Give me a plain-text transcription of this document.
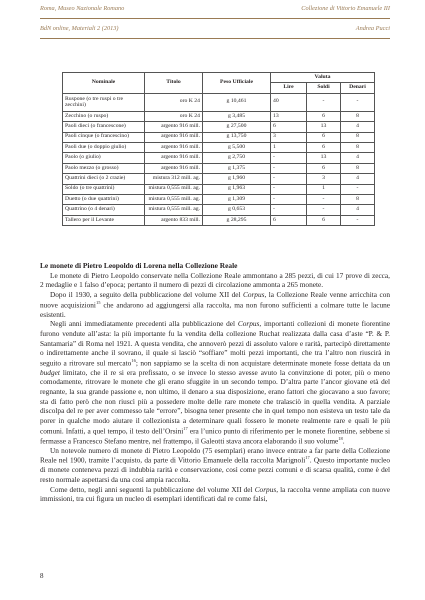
Roma, Museo Nazionale Romano	Collezione di Vittorio Emanuele III
BdN online, Materiali 2 (2013)	Andrea Pucci
Nominale	Titolo	Peso Ufficiale	Valuta		
			Lire	Soldi	Denari
Ruspone (o tre ruspi o tre zecchini)	oro K 24	g 10,461	40	-	-
Zecchino (o ruspo)	oro K 24	g 3,485	13	6	8
Paoli dieci (o francescone)	argento 916 mill.	g 27,500	6	13	4
Paoli cinque (o francescino)	argento 916 mill.	g 13,750	3	6	8
Paoli due (o doppio giulio)	argento 916 mill.	g 5,500	1	6	8
Paolo (o giulio)	argento 916 mill.	g 2,750	-	13	4
Paolo mezzo (o grosso)	argento 916 mill.	g 1,375	-	6	8
Quattrini dieci (o 2 crazie)	mistura 312 mill. ag.	g 1,960	-	3	4
Soldo (o tre quattrini)	mistura 0,555 mill. ag.	g 1,963	-	1	-
Duetto (o due quattrini)	mistura 0,555 mill. ag.	g 1,309	-	-	8
Quattrino (o 4 denari)	mistura 0,555 mill. ag.	g 0,653	-	-	4
Tallero per il Levante	argento 833 mill.	g 28,295	6	6	-
Le monete di Pietro Leopoldo di Lorena nella Collezione Reale

Le monete di Pietro Leopoldo conservate nella Collezione Reale ammontano a 285 pezzi, di cui 17 prove di zecca, 2 medaglie e 1 falso d’epoca; pertanto il numero di pezzi di circolazione ammonta a 265 monete.

Dopo il 1930, a seguito della pubblicazione del volume XII del Corpus, la Collezione Reale venne arricchita con nuove acquisizioni$^{15}$ che andarono ad aggiungersi alla raccolta, ma non furono sufficienti a colmare tutte le lacune esistenti.

Negli anni immediatamente precedenti alla pubblicazione del Corpus, importanti collezioni di monete fiorentine furono vendute all’asta: la più importante fu la vendita della collezione Ruchat realizzata dalla casa d’aste “P. & P. Santamaria” di Roma nel 1921. A questa vendita, che annoverò pezzi di assoluto valore e rarità, partecipò direttamente o indirettamente anche il sovrano, il quale si lasciò “soffiare” molti pezzi importanti, che tra l’altro non riuscirà in seguito a ritrovare sul mercato$^{16}$; non sappiamo se la scelta di non acquistare determinate monete fosse dettata da un budget limitato, che il re si era prefissato, o se invece lo stesso avesse avuto la convinzione di poter, più o meno comodamente, ritrovare le monete che gli erano sfuggite in un secondo tempo. D’altra parte l’ancor giovane età del regnante, la sua grande passione e, non ultimo, il denaro a sua disposizione, erano fattori che giocavano a suo favore; sta di fatto però che non riuscì più a possedere molte delle rare monete che tralasciò in quella vendita. A parziale discolpa del re per aver commesso tale “errore”, bisogna tener presente che in quel tempo non esisteva un testo tale da porer in qualche modo aiutare il collezionista a determinare quali fossero le monete realmente rare e quali le più comuni. Infatti, a quel tempo, il testo dell’Orsini$^{17}$ era l’unico punto di riferimento per le monete fiorentine, sebbene si fermasse a Francesco Stefano mentre, nel frattempo, il Galeotti stava ancora elaborando il suo volume$^{18}$.

Un notevole numero di monete di Pietro Leopoldo (75 esemplari) erano invece entrate a far parte della Collezione Reale nel 1900, tramite l’acquisto, da parte di Vittorio Emanuele della raccolta Marignoli$^{17}$. Questo importante nucleo di monete conteneva pezzi di indubbia rarità e conservazione, così come pezzi comuni e di scarsa qualità, come è del resto normale aspettarsi da una così ampia raccolta.

Come detto, negli anni seguenti la pubblicazione del volume XII del Corpus, la raccolta venne ampliata con nuove immissioni, tra cui figura un nucleo di esemplari identificati dal re come falsi,

8
